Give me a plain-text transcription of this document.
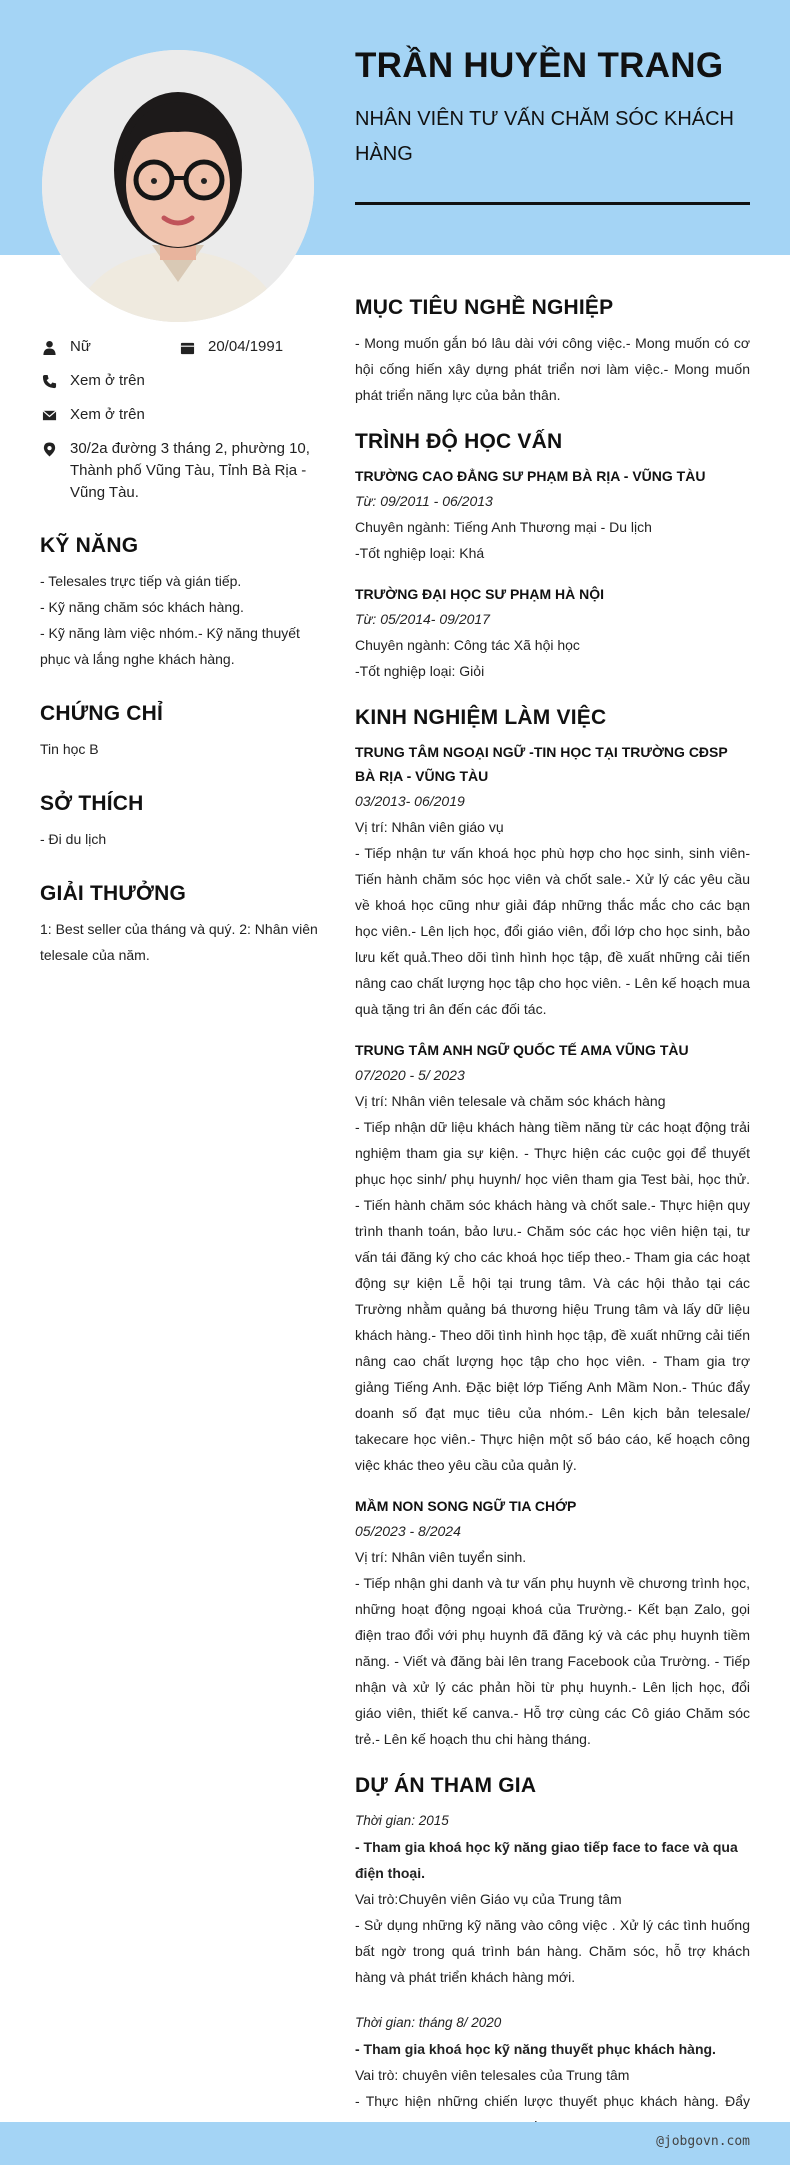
TRẦN HUYỀN TRANG
NHÂN VIÊN TƯ VẤN CHĂM SÓC KHÁCH HÀNG
Nữ	20/04/1991
Xem ở trên
Xem ở trên
30/2a đường 3 tháng 2, phường 10, Thành phố Vũng Tàu, Tỉnh Bà Rịa - Vũng Tàu.
KỸ NĂNG

- Telesales trực tiếp và gián tiếp.

- Kỹ năng chăm sóc khách hàng.

- Kỹ năng làm việc nhóm.- Kỹ năng thuyết phục và lắng nghe khách hàng.

CHỨNG CHỈ

Tin học B

SỞ THÍCH

- Đi du lịch

GIẢI THƯỞNG

1: Best seller của tháng và quý. 2: Nhân viên telesale của năm.

MỤC TIÊU NGHỀ NGHIỆP

- Mong muốn gắn bó lâu dài với công việc.- Mong muốn có cơ hội cống hiến xây dựng phát triển nơi làm việc.- Mong muốn phát triển năng lực của bản thân.

TRÌNH ĐỘ HỌC VẤN
TRƯỜNG CAO ĐẲNG SƯ PHẠM BÀ RỊA - VŨNG TÀU
Từ: 09/2011 - 06/2013
Chuyên ngành: Tiếng Anh Thương mại - Du lịch
-Tốt nghiệp loại: Khá
TRƯỜNG ĐẠI HỌC SƯ PHẠM HÀ NỘI
Từ: 05/2014- 09/2017
Chuyên ngành: Công tác Xã hội học
-Tốt nghiệp loại: Giỏi
KINH NGHIỆM LÀM VIỆC
TRUNG TÂM NGOẠI NGỮ -TIN HỌC TẠI TRƯỜNG CĐSP BÀ RỊA - VŨNG TÀU
03/2013- 06/2019
Vị trí: Nhân viên giáo vụ

- Tiếp nhận tư vấn khoá học phù hợp cho học sinh, sinh viên- Tiến hành chăm sóc học viên và chốt sale.- Xử lý các yêu cầu về khoá học cũng như giải đáp những thắc mắc cho các bạn học viên.- Lên lịch học, đổi giáo viên, đổi lớp cho học sinh, bảo lưu kết quả.Theo dõi tình hình học tập, đề xuất những cải tiến nâng cao chất lượng học tập cho học viên. - Lên kế hoạch mua quà tặng tri ân đến các đối tác.

TRUNG TÂM ANH NGỮ QUỐC TẾ AMA VŨNG TÀU
07/2020 - 5/ 2023
Vị trí: Nhân viên telesale và chăm sóc khách hàng

- Tiếp nhận dữ liệu khách hàng tiềm năng từ các hoạt động trải nghiệm tham gia sự kiện. - Thực hiện các cuộc gọi để thuyết phục học sinh/ phụ huynh/ học viên tham gia Test bài, học thử. - Tiến hành chăm sóc khách hàng và chốt sale.- Thực hiện quy trình thanh toán, bảo lưu.- Chăm sóc các học viên hiện tại, tư vấn tái đăng ký cho các khoá học tiếp theo.- Tham gia các hoạt động sự kiện Lễ hội tại trung tâm. Và các hội thảo tại các Trường nhằm quảng bá thương hiệu Trung tâm và lấy dữ liệu khách hàng.- Theo dõi tình hình học tập, đề xuất những cải tiến nâng cao chất lượng học tập cho học viên. - Tham gia trợ giảng Tiếng Anh. Đặc biệt lớp Tiếng Anh Mầm Non.- Thúc đẩy doanh số đạt mục tiêu của nhóm.- Lên kịch bản telesale/ takecare học viên.- Thực hiện một số báo cáo, kế hoạch công việc khác theo yêu cầu của quản lý.

MẦM NON SONG NGỮ TIA CHỚP
05/2023 - 8/2024
Vị trí: Nhân viên tuyển sinh.

- Tiếp nhận ghi danh và tư vấn phụ huynh về chương trình học, những hoạt động ngoại khoá của Trường.- Kết bạn Zalo, gọi điện trao đổi với phụ huynh đã đăng ký và các phụ huynh tiềm năng. - Viết và đăng bài lên trang Facebook của Trường. - Tiếp nhận và xử lý các phản hồi từ phụ huynh.- Lên lịch học, đổi giáo viên, thiết kế canva.- Hỗ trợ cùng các Cô giáo Chăm sóc trẻ.- Lên kế hoạch thu chi hàng tháng.

DỰ ÁN THAM GIA
Thời gian: 2015
- Tham gia khoá học kỹ năng giao tiếp face to face và qua điện thoại.
Vai trò:Chuyên viên Giáo vụ của Trung tâm

- Sử dụng những kỹ năng vào công việc . Xử lý các tình huống bất ngờ trong quá trình bán hàng. Chăm sóc, hỗ trợ khách hàng và phát triển khách hàng mới.

Thời gian: tháng 8/ 2020
- Tham gia khoá học kỹ năng thuyết phục khách hàng.
Vai trò: chuyên viên telesales của Trung tâm

- Thực hiện những chiến lược thuyết phục khách hàng. Đẩy

@jobgovn.com
